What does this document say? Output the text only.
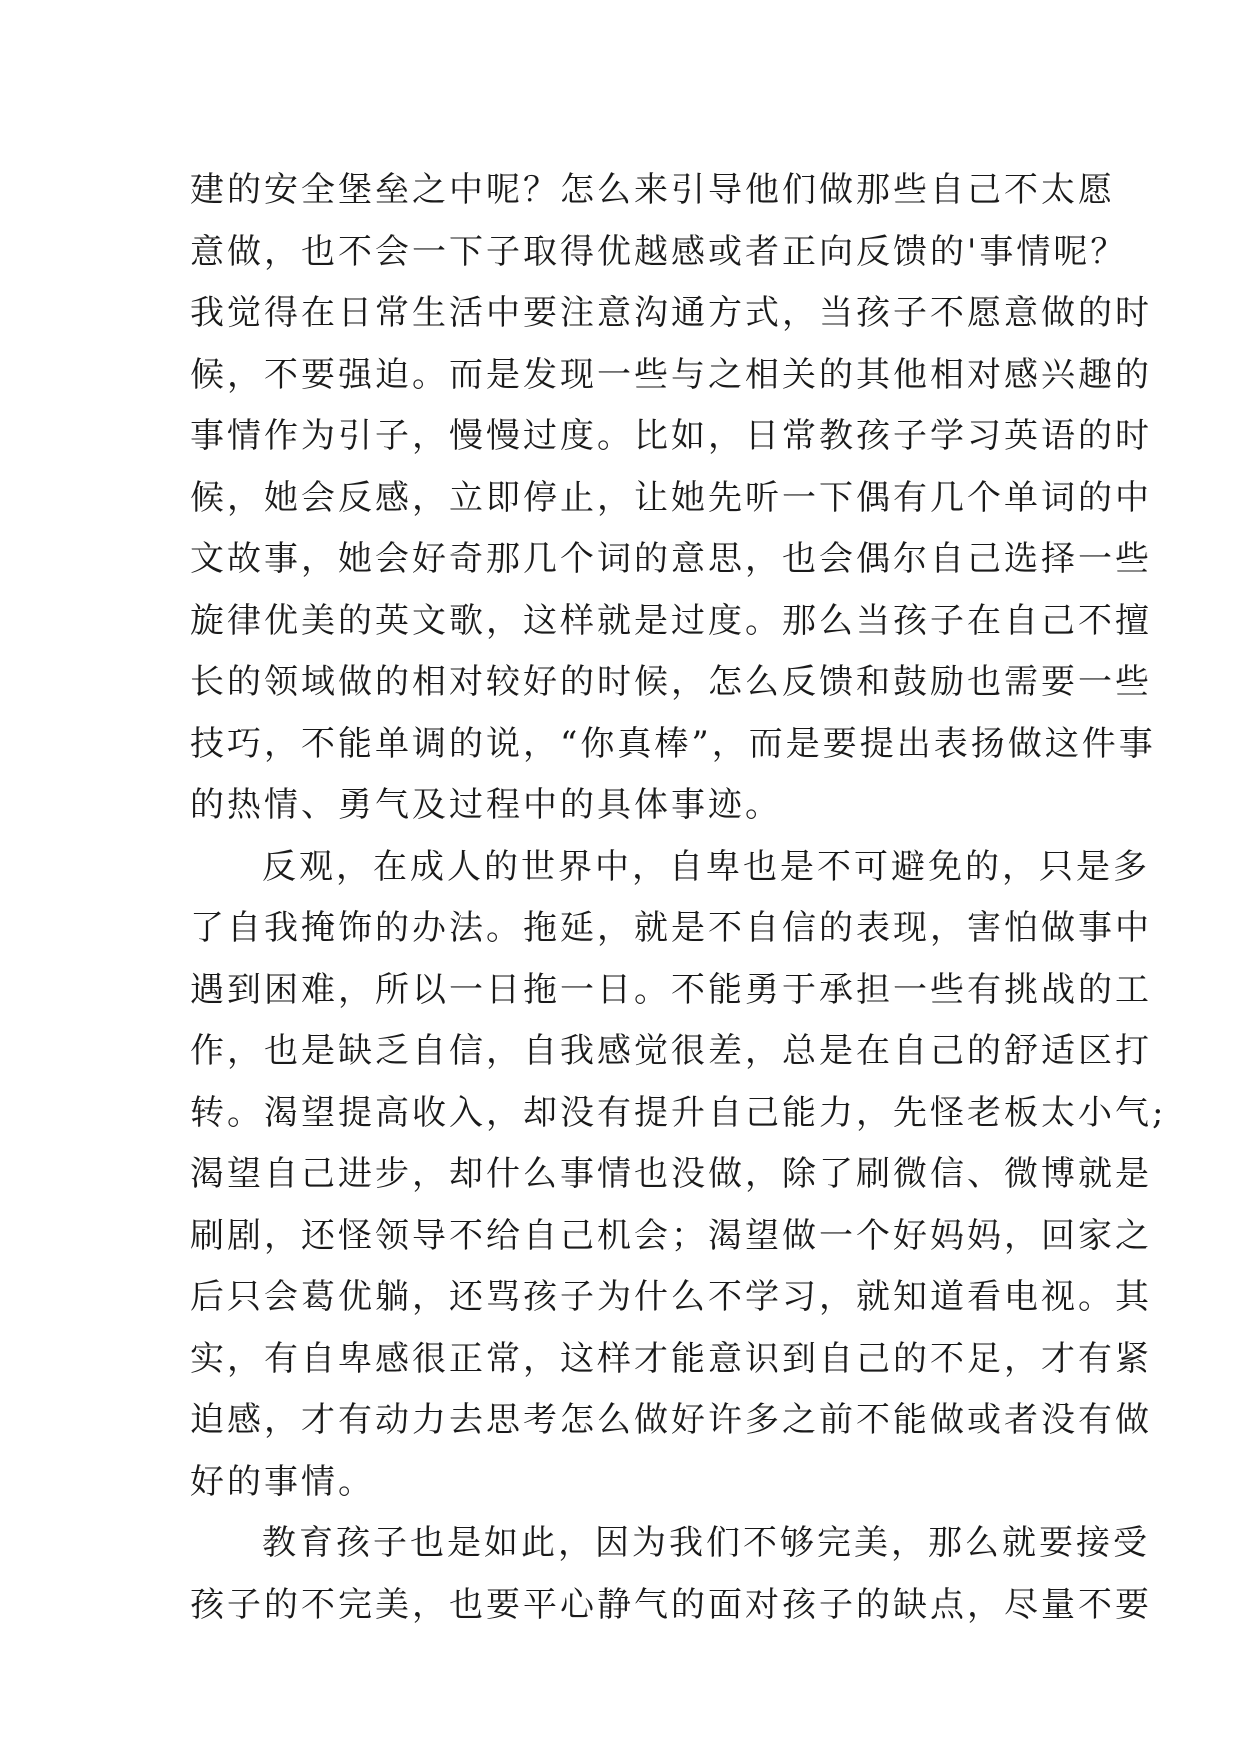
建的安全堡垒之中呢？怎么来引导他们做那些自己不太愿
意做，也不会一下子取得优越感或者正向反馈的'事情呢？
我觉得在日常生活中要注意沟通方式，当孩子不愿意做的时
候，不要强迫。而是发现一些与之相关的其他相对感兴趣的
事情作为引子，慢慢过度。比如，日常教孩子学习英语的时
候，她会反感，立即停止，让她先听一下偶有几个单词的中
文故事，她会好奇那几个词的意思，也会偶尔自己选择一些
旋律优美的英文歌，这样就是过度。那么当孩子在自己不擅
长的领域做的相对较好的时候，怎么反馈和鼓励也需要一些
技巧，不能单调的说，“你真棒”，而是要提出表扬做这件事
的热情、勇气及过程中的具体事迹。
反观，在成人的世界中，自卑也是不可避免的，只是多
了自我掩饰的办法。拖延，就是不自信的表现，害怕做事中
遇到困难，所以一日拖一日。不能勇于承担一些有挑战的工
作，也是缺乏自信，自我感觉很差，总是在自己的舒适区打
转。渴望提高收入，却没有提升自己能力，先怪老板太小气;
渴望自己进步，却什么事情也没做，除了刷微信、微博就是
刷剧，还怪领导不给自己机会；渴望做一个好妈妈，回家之
后只会葛优躺，还骂孩子为什么不学习，就知道看电视。其
实，有自卑感很正常，这样才能意识到自己的不足，才有紧
迫感，才有动力去思考怎么做好许多之前不能做或者没有做
好的事情。
教育孩子也是如此，因为我们不够完美，那么就要接受
孩子的不完美，也要平心静气的面对孩子的缺点，尽量不要
